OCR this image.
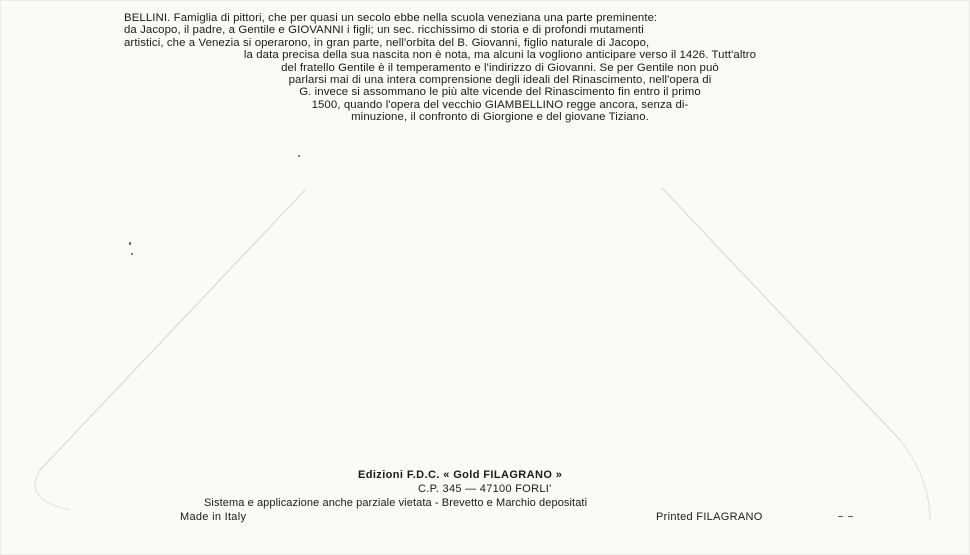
BELLINI. Famiglia di pittori, che per quasi un secolo ebbe nella scuola veneziana una parte preminente:
da Jacopo, il padre, a Gentile e GIOVANNI i figli; un sec. ricchissimo di storia e di profondi mutamenti
artistici, che a Venezia si operarono, in gran parte, nell'orbita del B. Giovanni, figlio naturale di Jacopo,
la data precisa della sua nascita non è nota, ma alcuni la vogliono anticipare verso il 1426. Tutt'altro
del fratello Gentile è il temperamento e l'indirizzo di Giovanni. Se per Gentile non può
parlarsi mai di una intera comprensione degli ideali del Rinascimento, nell'opera di
G. invece si assommano le più alte vicende del Rinascimento fin entro il primo
1500, quando l'opera del vecchio GIAMBELLINO regge ancora, senza di-
minuzione, il confronto di Giorgione e del giovane Tiziano.
Edizioni F.D.C. « Gold FILAGRANO »
C.P. 345 — 47100 FORLI'
Sistema e applicazione anche parziale vietata - Brevetto e Marchio depositati
Made in Italy	Printed FILAGRANO
